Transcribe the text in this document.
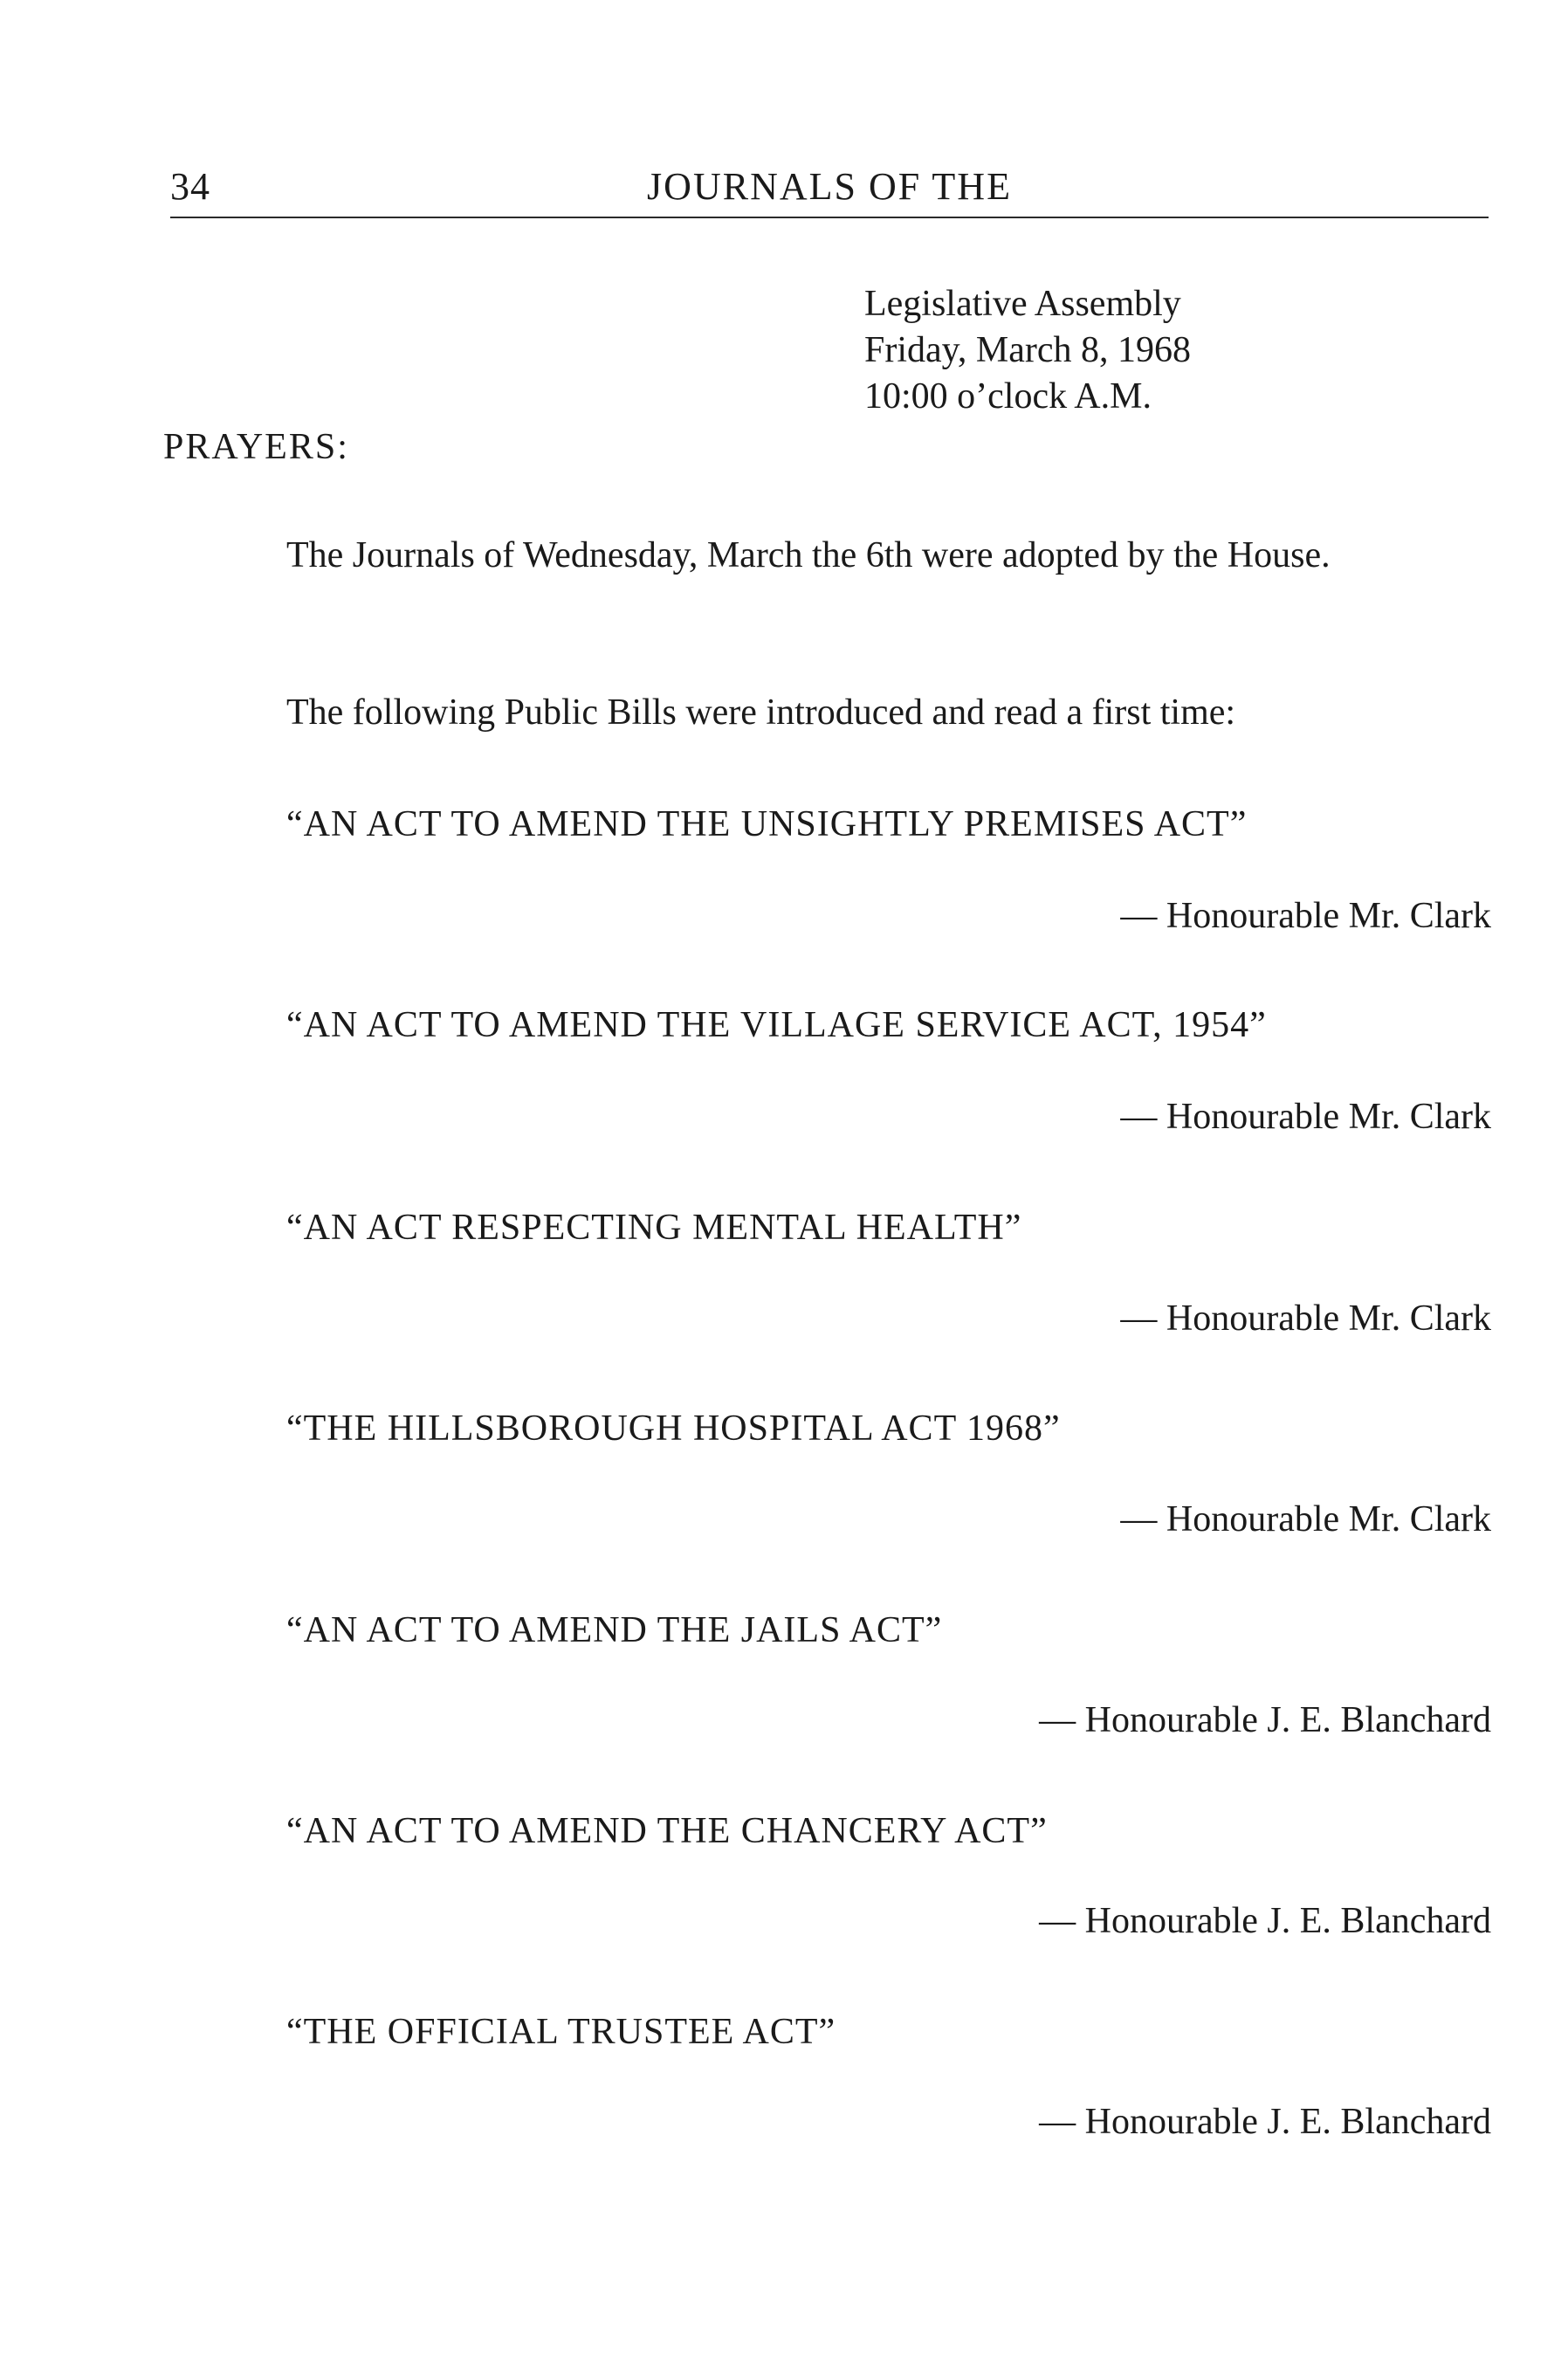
34	JOURNALS OF THE
Legislative Assembly
Friday, March 8, 1968
10:00 o’clock A.M.
PRAYERS:
The Journals of Wednesday, March the 6th were adopted by the House.
The following Public Bills were introduced and read a first time:
“AN ACT TO AMEND THE UNSIGHTLY PREMISES ACT”
— Honourable Mr. Clark
“AN ACT TO AMEND THE VILLAGE SERVICE ACT, 1954”
— Honourable Mr. Clark
“AN ACT RESPECTING MENTAL HEALTH”
— Honourable Mr. Clark
“THE HILLSBOROUGH HOSPITAL ACT 1968”
— Honourable Mr. Clark
“AN ACT TO AMEND THE JAILS ACT”
— Honourable J. E. Blanchard
“AN ACT TO AMEND THE CHANCERY ACT”
— Honourable J. E. Blanchard
“THE OFFICIAL TRUSTEE ACT”
— Honourable J. E. Blanchard
